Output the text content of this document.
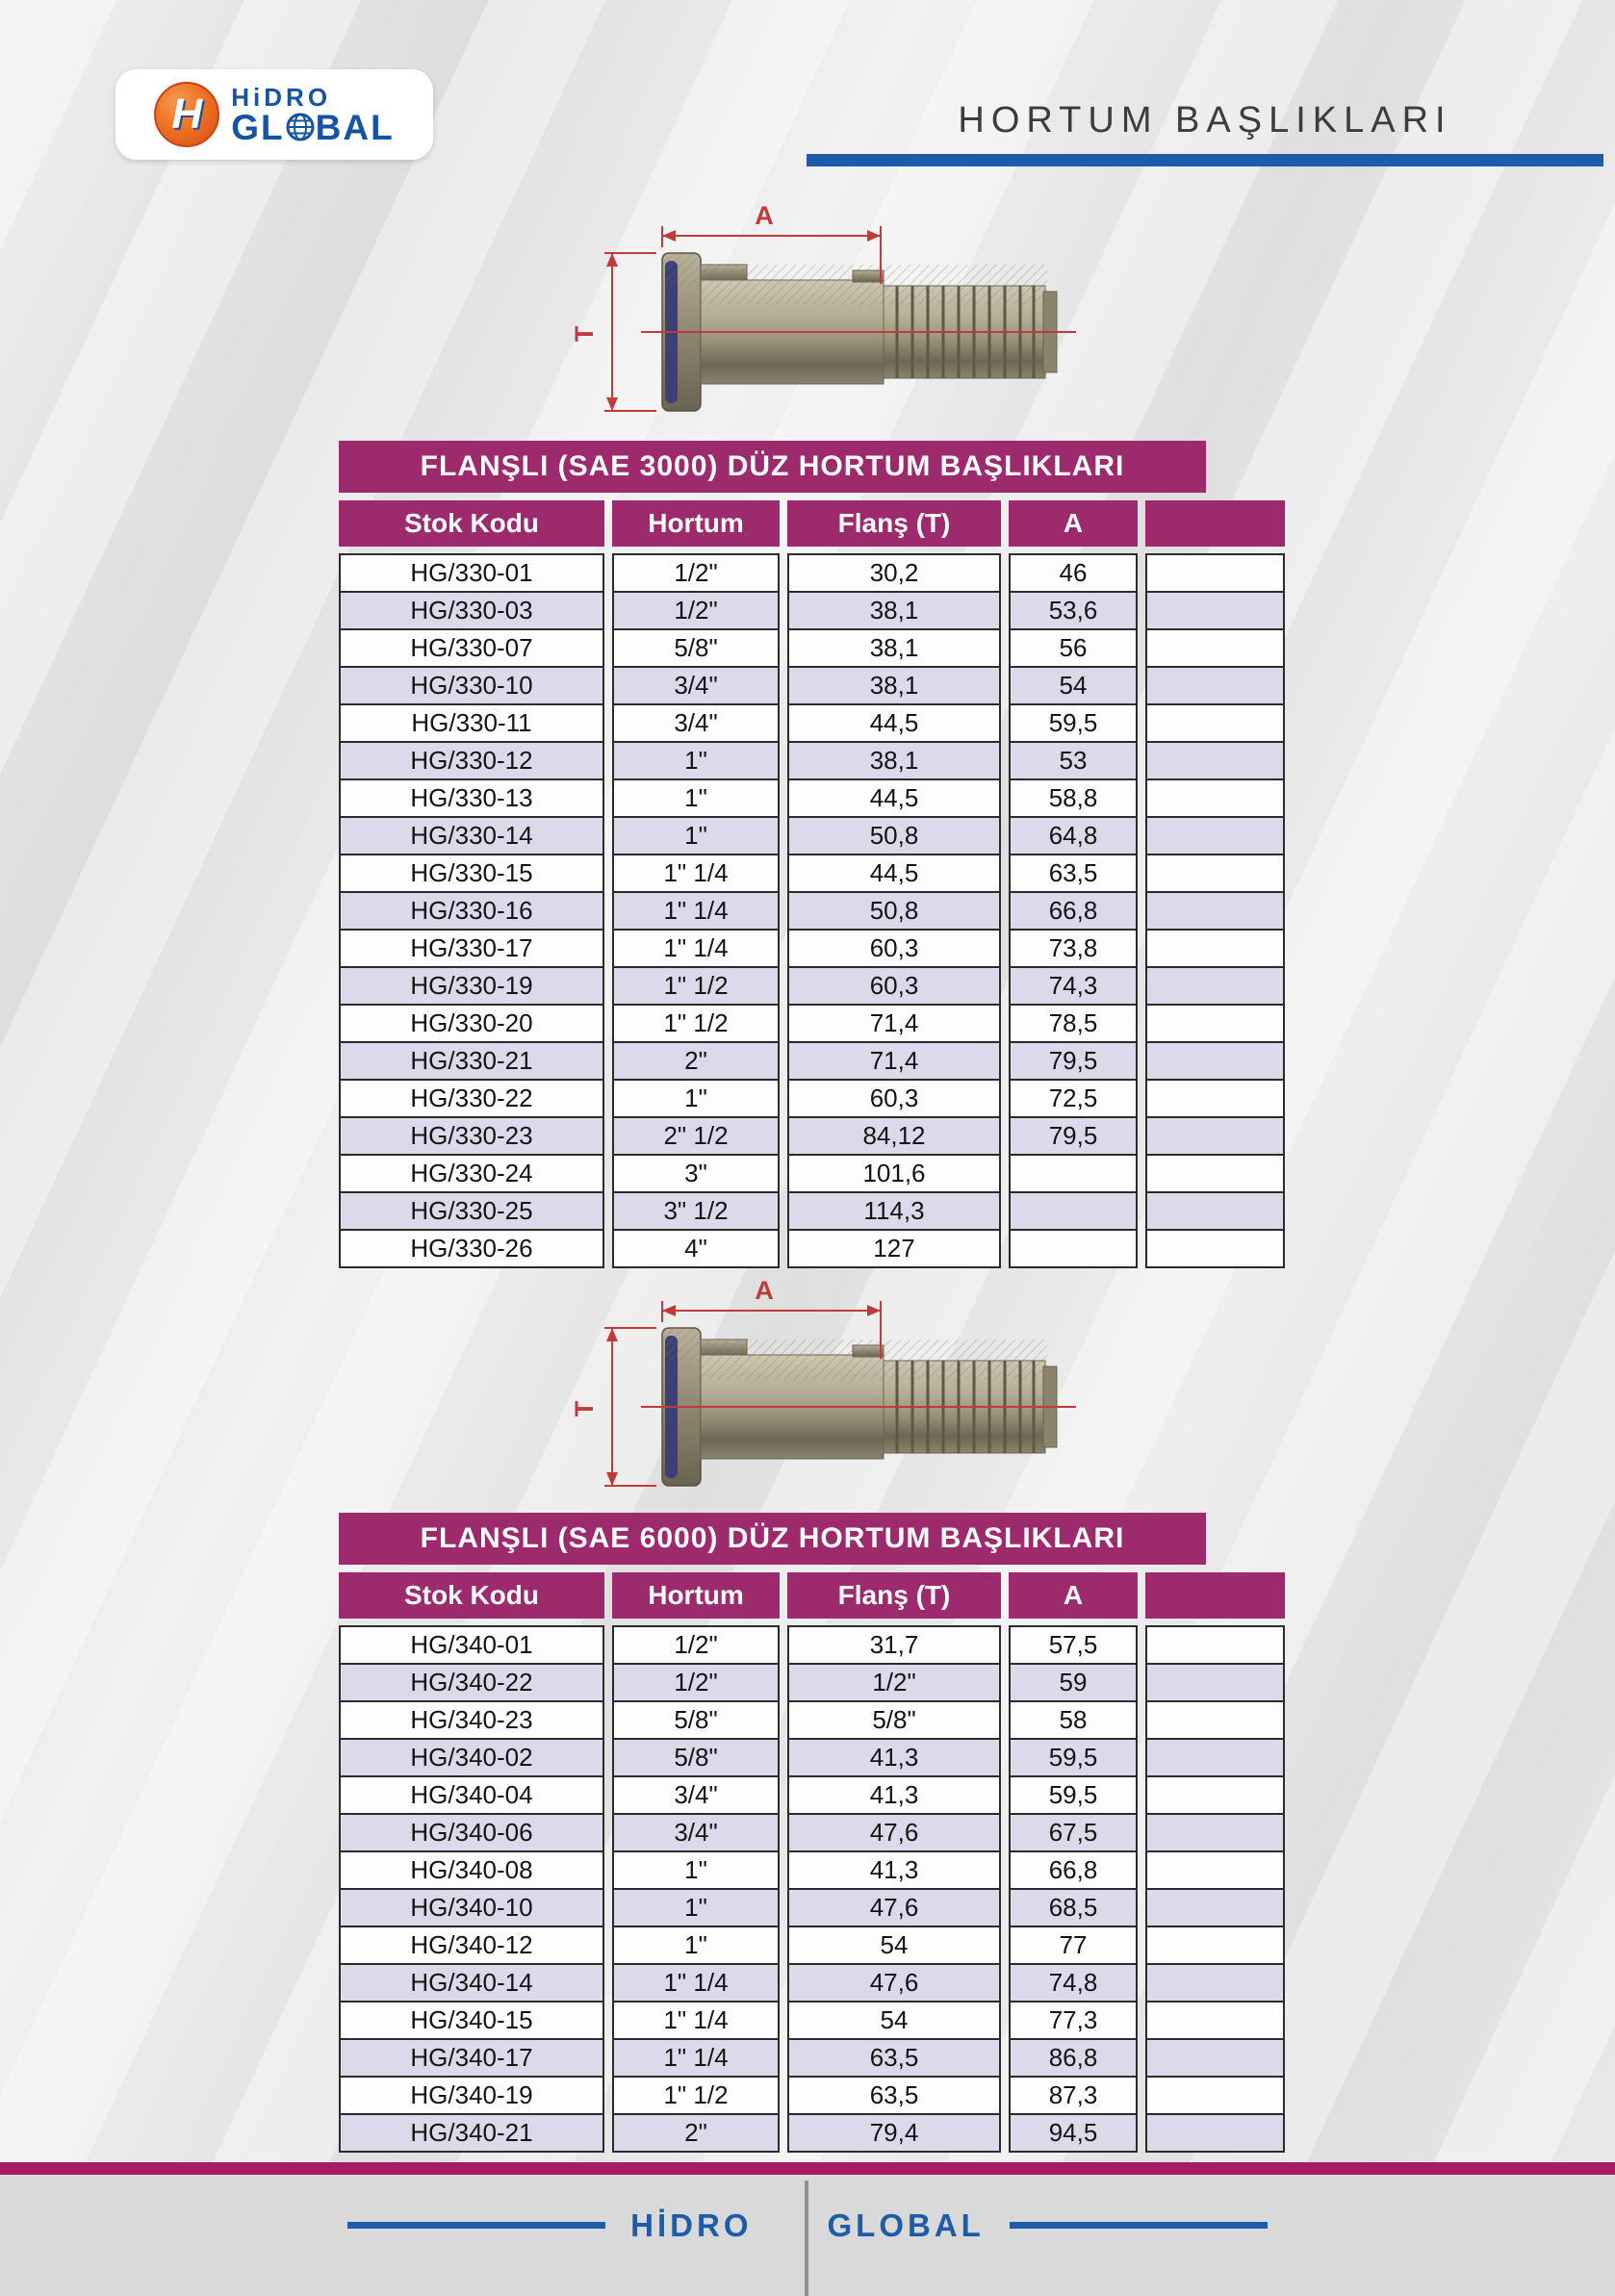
H HiDRO
GL BAL	HORTUM BAŞLIKLARI
A
T
FLANŞLI (SAE 3000) DÜZ HORTUM BAŞLIKLARI
Stok Kodu	Hortum	Flanş (T)	A
HG/330-01	1/2"	30,2	46
HG/330-03	1/2"	38,1	53,6
HG/330-07	5/8"	38,1	56
HG/330-10	3/4"	38,1	54
HG/330-11	3/4"	44,5	59,5
HG/330-12	1"	38,1	53
HG/330-13	1"	44,5	58,8
HG/330-14	1"	50,8	64,8
HG/330-15	1" 1/4	44,5	63,5
HG/330-16	1" 1/4	50,8	66,8
HG/330-17	1" 1/4	60,3	73,8
HG/330-19	1" 1/2	60,3	74,3
HG/330-20	1" 1/2	71,4	78,5
HG/330-21	2"	71,4	79,5
HG/330-22	1"	60,3	72,5
HG/330-23	2" 1/2	84,12	79,5
HG/330-24	3"	101,6
HG/330-25	3" 1/2	114,3
HG/330-26	4"	127
A
T
FLANŞLI (SAE 6000) DÜZ HORTUM BAŞLIKLARI
Stok Kodu	Hortum	Flanş (T)	A
HG/340-01	1/2"	31,7	57,5
HG/340-22	1/2"	1/2"	59
HG/340-23	5/8"	5/8"	58
HG/340-02	5/8"	41,3	59,5
HG/340-04	3/4"	41,3	59,5
HG/340-06	3/4"	47,6	67,5
HG/340-08	1"	41,3	66,8
HG/340-10	1"	47,6	68,5
HG/340-12	1"	54	77
HG/340-14	1" 1/4	47,6	74,8
HG/340-15	1" 1/4	54	77,3
HG/340-17	1" 1/4	63,5	86,8
HG/340-19	1" 1/2	63,5	87,3
HG/340-21	2"	79,4	94,5
HİDRO GLOBAL
